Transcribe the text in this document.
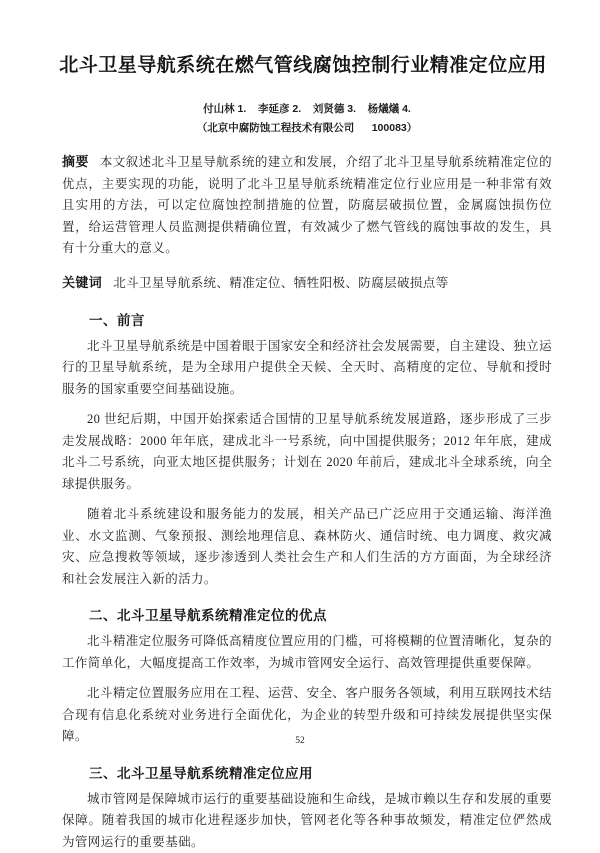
北斗卫星导航系统在燃气管线腐蚀控制行业精准定位应用
付山林 1.    李延彦 2.    刘贤德 3.    杨燨燨 4.
（北京中腐防蚀工程技术有限公司      100083）

摘要 本文叙述北斗卫星导航系统的建立和发展，介绍了北斗卫星导航系统精准定位的优点，主要实现的功能，说明了北斗卫星导航系统精准定位行业应用是一种非常有效且实用的方法，可以定位腐蚀控制措施的位置，防腐层破损位置，金属腐蚀损伤位置，给运营管理人员监测提供精确位置，有效减少了燃气管线的腐蚀事故的发生，具有十分重大的意义。

关键词 北斗卫星导航系统、精准定位、牺牲阳极、防腐层破损点等

一、前言

北斗卫星导航系统是中国着眼于国家安全和经济社会发展需要，自主建设、独立运行的卫星导航系统，是为全球用户提供全天候、全天时、高精度的定位、导航和授时服务的国家重要空间基础设施。

20 世纪后期，中国开始探索适合国情的卫星导航系统发展道路，逐步形成了三步走发展战略：2000 年年底，建成北斗一号系统，向中国提供服务；2012 年年底，建成北斗二号系统，向亚太地区提供服务；计划在 2020 年前后，建成北斗全球系统，向全球提供服务。

随着北斗系统建设和服务能力的发展，相关产品已广泛应用于交通运输、海洋渔业、水文监测、气象预报、测绘地理信息、森林防火、通信时统、电力调度、救灾减灾、应急搜救等领域，逐步渗透到人类社会生产和人们生活的方方面面，为全球经济和社会发展注入新的活力。

二、北斗卫星导航系统精准定位的优点

北斗精准定位服务可降低高精度位置应用的门槛，可将模糊的位置清晰化，复杂的工作简单化，大幅度提高工作效率，为城市管网安全运行、高效管理提供重要保障。

北斗精定位置服务应用在工程、运营、安全、客户服务各领域，利用互联网技术结合现有信息化系统对业务进行全面优化，为企业的转型升级和可持续发展提供坚实保障。

三、北斗卫星导航系统精准定位应用

城市管网是保障城市运行的重要基础设施和生命线，是城市赖以生存和发展的重要保障。随着我国的城市化进程逐步加快，管网老化等各种事故频发，精准定位俨然成为管网运行的重要基础。

52
